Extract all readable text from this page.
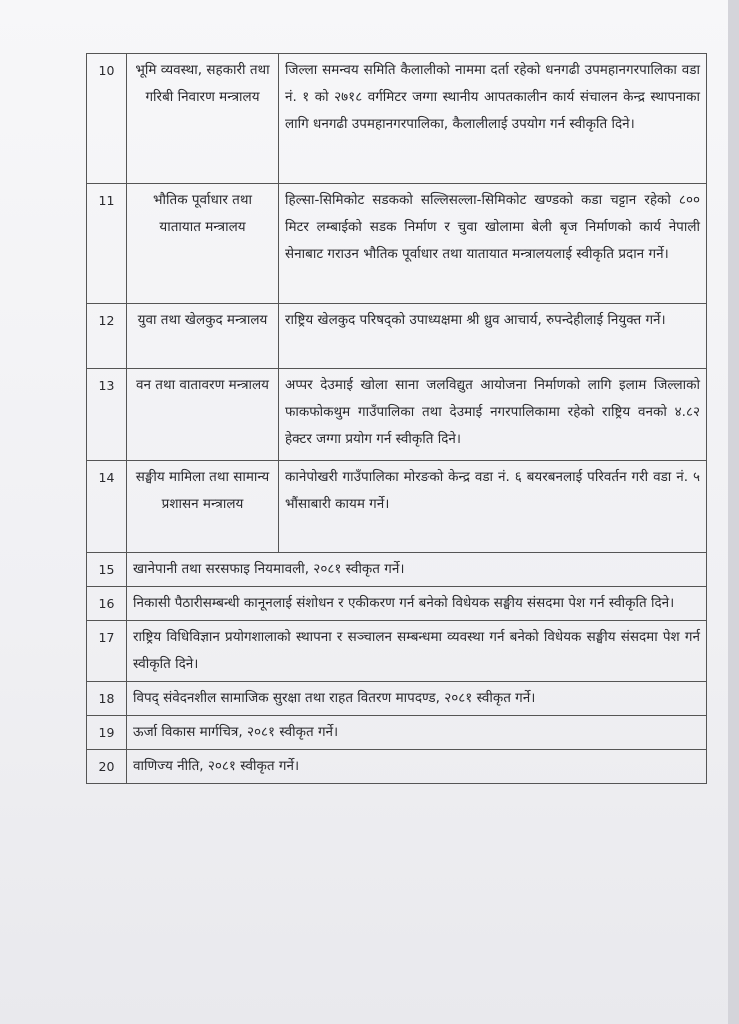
10	भूमि व्यवस्था, सहकारी तथा गरिबी निवारण मन्त्रालय	जिल्ला समन्वय समिति कैलालीको नाममा दर्ता रहेको धनगढी उपमहानगरपालिका वडा नं. १ को २७१८ वर्गमिटर जग्गा स्थानीय आपतकालीन कार्य संचालन केन्द्र स्थापनाका लागि धनगढी उपमहानगरपालिका, कैलालीलाई उपयोग गर्न स्वीकृति दिने।
11	भौतिक पूर्वाधार तथा यातायात मन्त्रालय	हिल्सा-सिमिकोट सडकको सल्लिसल्ला-सिमिकोट खण्डको कडा चट्टान रहेको ८०० मिटर लम्बाईको सडक निर्माण र चुवा खोलामा बेली बृज निर्माणको कार्य नेपाली सेनाबाट गराउन भौतिक पूर्वाधार तथा यातायात मन्त्रालयलाई स्वीकृति प्रदान गर्ने।
12	युवा तथा खेलकुद मन्त्रालय	राष्ट्रिय खेलकुद परिषद्को उपाध्यक्षमा श्री ध्रुव आचार्य, रुपन्देहीलाई नियुक्त गर्ने।
13	वन तथा वातावरण मन्त्रालय	अप्पर देउमाई खोला साना जलविद्युत आयोजना निर्माणको लागि इलाम जिल्लाको फाकफोकथुम गाउँपालिका तथा देउमाई नगरपालिकामा रहेको राष्ट्रिय वनको ४.८२ हेक्टर जग्गा प्रयोग गर्न स्वीकृति दिने।
14	सङ्घीय मामिला तथा सामान्य प्रशासन मन्त्रालय	कानेपोखरी गाउँपालिका मोरङको केन्द्र वडा नं. ६ बयरबनलाई परिवर्तन गरी वडा नं. ५ भौंसाबारी कायम गर्ने।
15	खानेपानी तथा सरसफाइ नियमावली, २०८१ स्वीकृत गर्ने।	
16	निकासी पैठारीसम्बन्धी कानूनलाई संशोधन र एकीकरण गर्न बनेको विधेयक सङ्घीय संसदमा पेश गर्न स्वीकृति दिने।	
17	राष्ट्रिय विधिविज्ञान प्रयोगशालाको स्थापना र सञ्चालन सम्बन्धमा व्यवस्था गर्न बनेको विधेयक सङ्घीय संसदमा पेश गर्न स्वीकृति दिने।	
18	विपद् संवेदनशील सामाजिक सुरक्षा तथा राहत वितरण मापदण्ड, २०८१ स्वीकृत गर्ने।	
19	ऊर्जा विकास मार्गचित्र, २०८१ स्वीकृत गर्ने।	
20	वाणिज्य नीति, २०८१ स्वीकृत गर्ने।	
